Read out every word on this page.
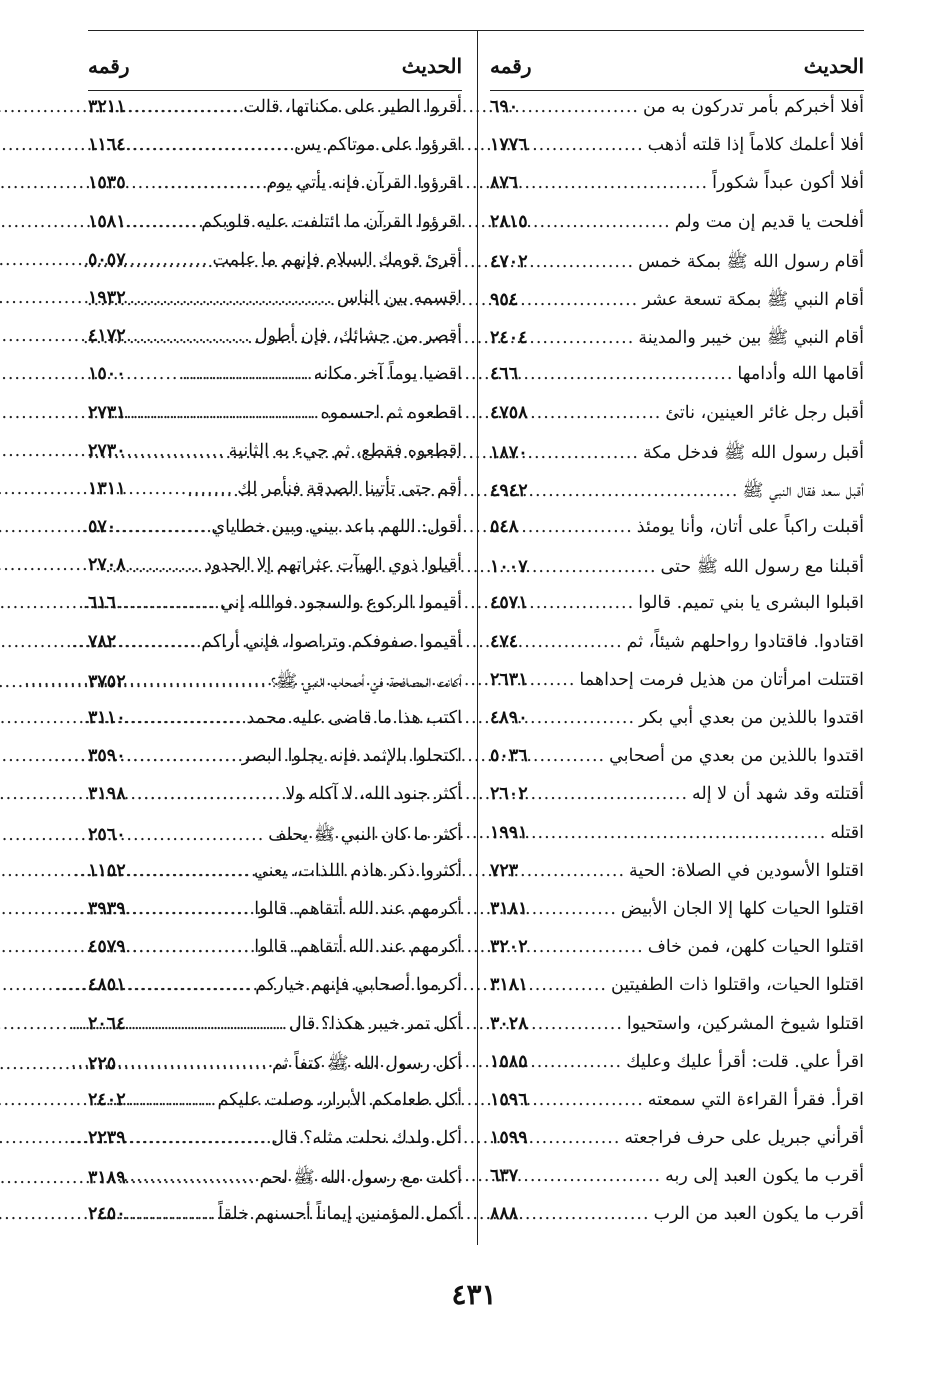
الحديث
رقمه
أفلا أخبركم بأمر تدركون به من
.....
٦٩٠
أفلا أعلمك كلاماً إذا قلته أذهب
.....
١٧٧٦
أفلا أكون عبداً شكوراً
.....
٨٧٦
أفلحت يا قديم إن مت ولم
.....
٢٨١٥
أقام رسول الله ﷺ بمكة خمس
.....
٤٧٠٢
أقام النبي ﷺ بمكة تسعة عشر
.....
٩٥٤
أقام النبي ﷺ بين خيبر والمدينة
.....
٢٤٠٤
أقامها الله وأدامها
.....
٤٦٦
أقبل رجل غائر العينين، ناتئ
.....
٤٧٥٨
أقبل رسول الله ﷺ فدخل مكة
.....
١٨٧٠
أقبل سعد فقال النبي ﷺ
.....
٤٩٤٢
أقبلت راكباً على أتان، وأنا يومئذ
.....
٥٤٨
أقبلنا مع رسول الله ﷺ حتى
.....
١٠٠٧
اقبلوا البشرى يا بني تميم. قالوا
.....
٤٥٧١
اقتادوا. فاقتادوا رواحلهم شيئاً، ثم
.....
٤٧٤
اقتتلت امرأتان من هذيل فرمت إحداهما
.....
٢٦٣١
اقتدوا باللذين من بعدي أبي بكر
.....
٤٨٩٠
اقتدوا باللذين من بعدي من أصحابي
.....
٥٠٣٦
أقتلته وقد شهد أن لا إله
.....
٢٦٠٢
اقتله
.....
١٩٩١
اقتلوا الأسودين في الصلاة: الحية
.....
٧٢٣
اقتلوا الحيات كلها إلا الجان الأبيض
.....
٣١٨١
اقتلوا الحيات كلهن، فمن خاف
.....
٣٢٠٢
اقتلوا الحيات، واقتلوا ذات الطفيتين
.....
٣١٨١
اقتلوا شيوخ المشركين، واستحيوا
.....
٣٠٢٨
اقرأ علي. قلت: أقرأ عليك وعليك
.....
١٥٨٥
اقرأ. فقرأ القراءة التي سمعته
.....
١٥٩٦
أقرأني جبريل على حرف فراجعته
.....
١٥٩٩
أقرب ما يكون العبد إلى ربه
.....
٦٣٧
أقرب ما يكون العبد من الرب
.....
٨٨٨
الحديث
رقمه
أقروا الطير على مكناتها، قالت
.....
٣٢١١
اقرؤوا على موتاكم يس
.....
١١٦٤
اقرؤوا القرآن فإنه يأتي يوم
.....
١٥٣٥
اقرؤوا القرآن ما ائتلفت عليه قلوبكم
.....
١٥٨١
أقرئ قومك السلام فإنهم ما علمت
.....
٥٠٥٧
اقسمه بين الناس
.....
١٩٣٢
أقصر من جشائك، فإن أطول
.....
٤١٧٢
اقضيا يوماً آخر مكانه
.....
١٥٠٠
اقطعوه ثم احسموه
.....
٢٧٣١
اقطعوه فقطع، ثم جيء به الثانية
.....
٢٧٣٠
أقم حتى تأتينا الصدقة فنأمر لك
.....
١٣١١
أقول: اللهم باعد بيني وبين خطاياي
.....
٥٧٠
أقيلوا ذوي الهيآت عثراتهم إلا الحدود
.....
٢٧٠٨
أقيموا الركوع والسجود فوالله إني
.....
٦١٦
أقيموا صفوفكم وتراصوا، فإني أراكم
.....
٧٨٢
أكانت المصافحة في أصحاب النبي ﷺ؟
.....
٣٧٥٢
اكتب هذا ما قاضى عليه محمد
.....
٣١١٠
اكتحلوا بالإثمد فإنه يجلوا البصر
.....
٣٥٩٠
أكثر جنود الله، لا آكله ولا
.....
٣١٩٨
أكثر ما كان النبي ﷺ يحلف
.....
٢٥٦٠
أكثروا ذكر هاذم اللذات، يعني
.....
١١٥٢
أكرمهم عند الله أتقاهم. قالوا
.....
٣٩٣٩
أكرمهم عند الله أتقاهم. قالوا
.....
٤٥٧٩
أكرموا أصحابي فإنهم خياركم
.....
٤٨٥١
أكل تمر خيبر هكذا؟ قال
.....
٢٠٦٤
أكل رسول الله ﷺ كتفاً ثم
.....
٢٢٥
أكل طعامكم الأبرار، وصلت عليكم
.....
٢٤٠٢
أكل ولدك نحلت مثله؟ قال
.....
٢٢٣٩
أكلت مع رسول الله ﷺ لحم
.....
٣١٨٩
أكمل المؤمنين إيماناً أحسنهم خلقاً
.....
٢٤٥٠
٤٣١
